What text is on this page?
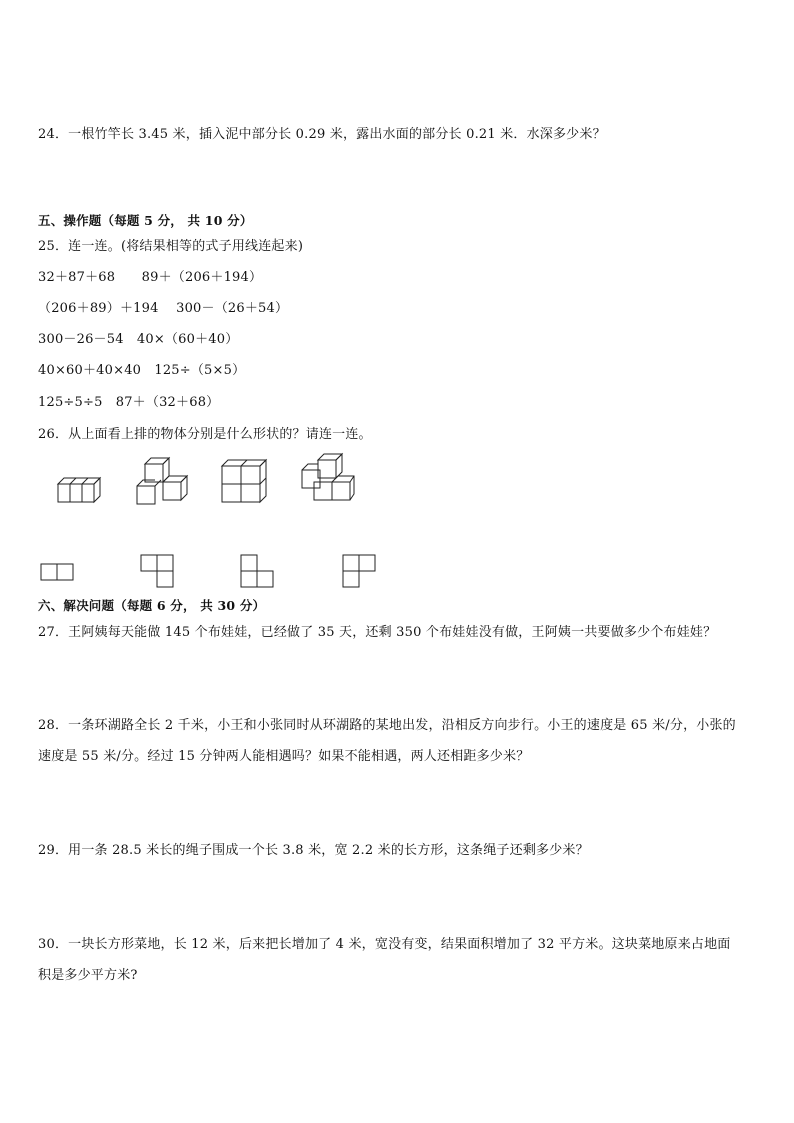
24．一根竹竿长 3.45 米，插入泥中部分长 0.29 米，露出水面的部分长 0.21 米．水深多少米？
五、操作题（每题 5 分， 共 10 分）
25．连一连。(将结果相等的式子用线连起来)
32＋87＋68　　89＋（206＋194）
（206＋89）＋194　 300－（26＋54）
300－26－54　40×（60＋40）
40×60＋40×40　125÷（5×5）
125÷5÷5　87＋（32＋68）
26．从上面看上排的物体分别是什么形状的？请连一连。
六、解决问题（每题 6 分， 共 30 分）
27．王阿姨每天能做 145 个布娃娃，已经做了 35 天，还剩 350 个布娃娃没有做，王阿姨一共要做多少个布娃娃？
28．一条环湖路全长 2 千米，小王和小张同时从环湖路的某地出发，沿相反方向步行。小王的速度是 65 米/分，小张的
速度是 55 米/分。经过 15 分钟两人能相遇吗？如果不能相遇，两人还相距多少米？
29．用一条 28.5 米长的绳子围成一个长 3.8 米，宽 2.2 米的长方形，这条绳子还剩多少米？
30．一块长方形菜地，长 12 米，后来把长增加了 4 米，宽没有变，结果面积增加了 32 平方米。这块菜地原来占地面
积是多少平方米?
